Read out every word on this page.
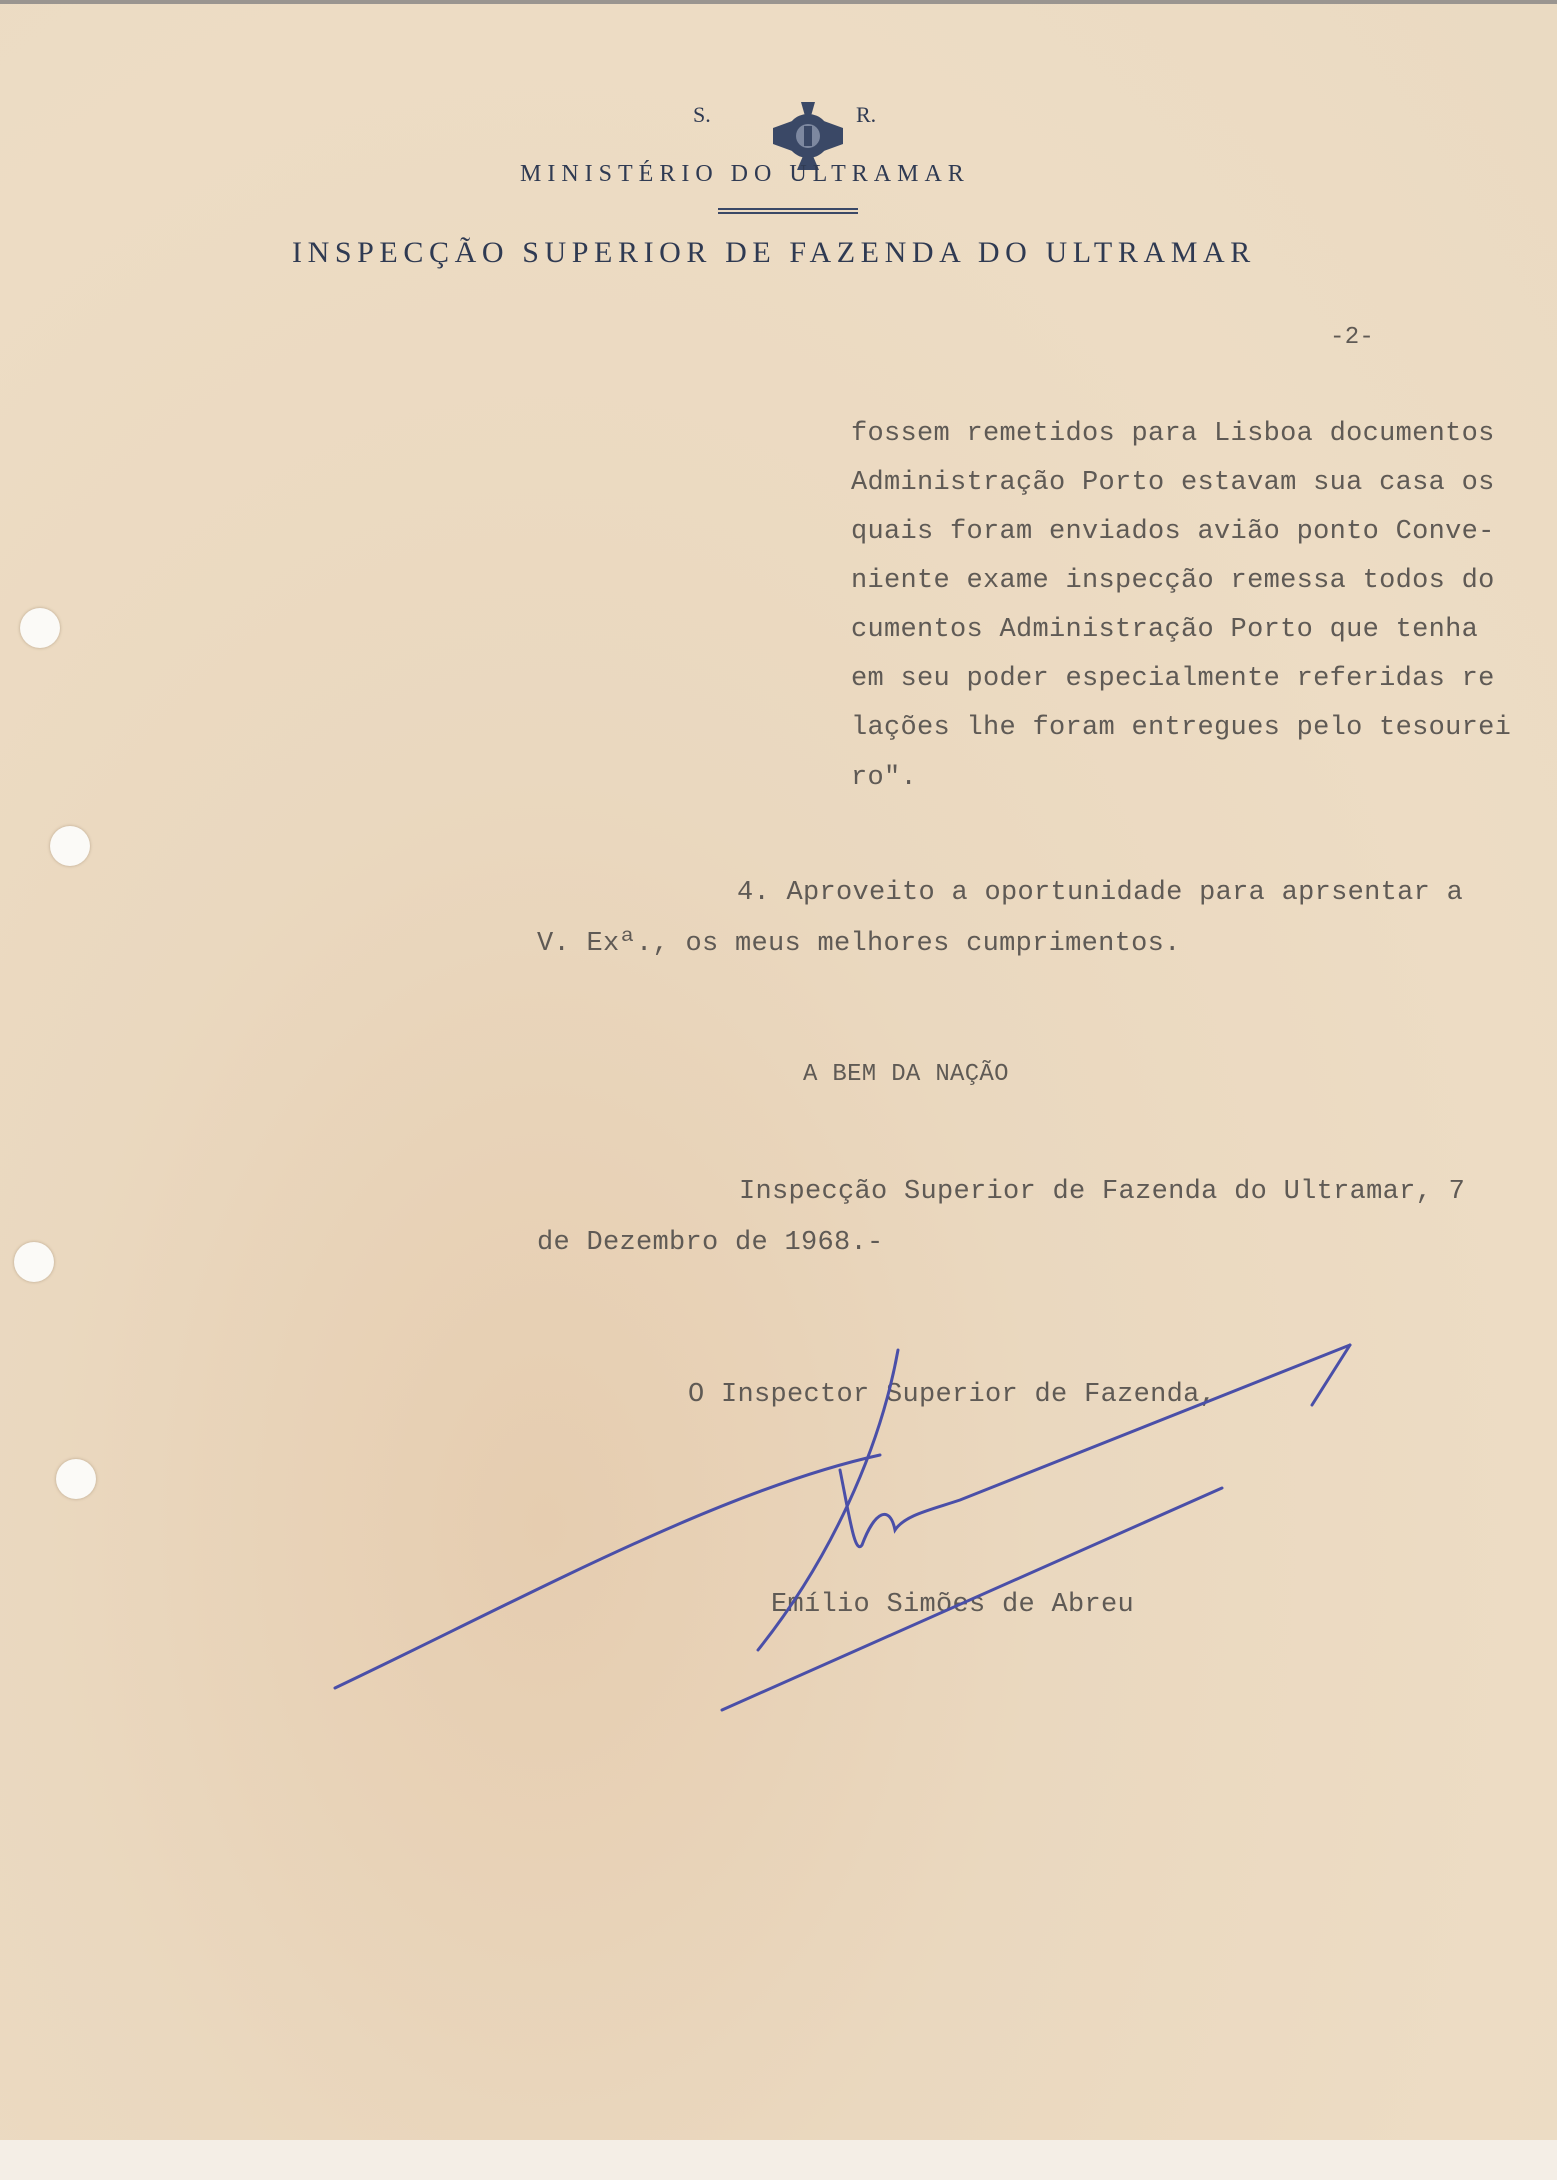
S.

	R.
MINISTÉRIO DO ULTRAMAR
INSPECÇÃO SUPERIOR DE FAZENDA DO ULTRAMAR
-2-
fossem remetidos para Lisboa documentos
Administração Porto estavam sua casa os
quais foram enviados avião ponto Conve-
niente exame inspecção remessa todos do
cumentos Administração Porto que tenha
em seu poder especialmente referidas re
lações lhe foram entregues pelo tesourei
ro".
4. Aproveito a oportunidade para aprsentar a
V. Exª., os meus melhores cumprimentos.
A BEM DA NAÇÃO
Inspecção Superior de Fazenda do Ultramar, 7
de Dezembro de 1968.-
O Inspector Superior de Fazenda,
Emílio Simões de Abreu
